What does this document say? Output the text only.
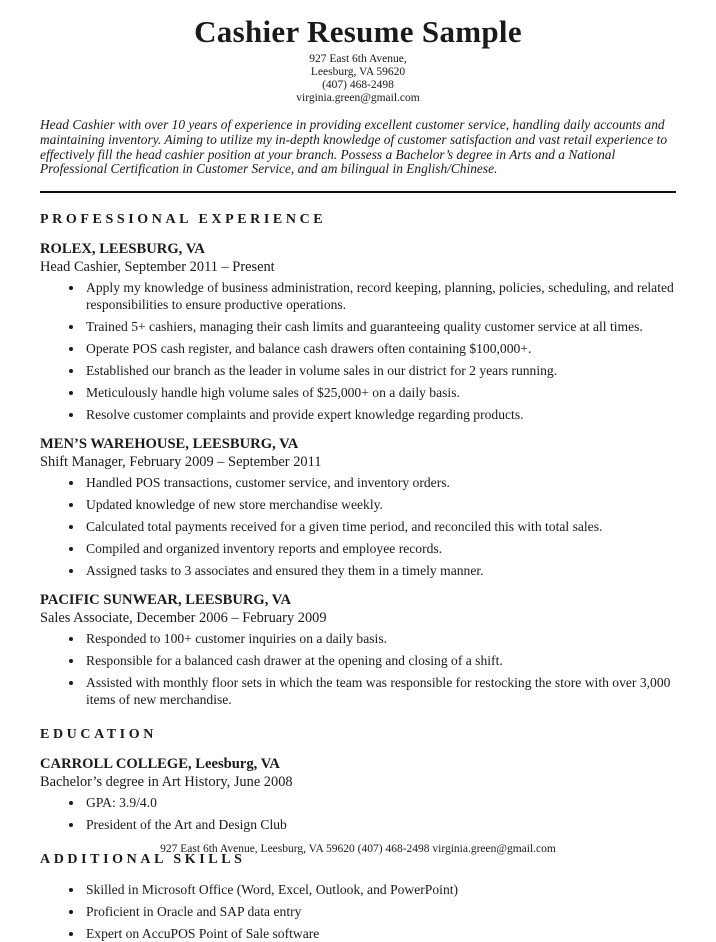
Cashier Resume Sample
927 East 6th Avenue,
Leesburg, VA 59620
(407) 468-2498
virginia.green@gmail.com

Head Cashier with over 10 years of experience in providing excellent customer service, handling daily accounts and maintaining inventory. Aiming to utilize my in-depth knowledge of customer satisfaction and vast retail experience to effectively fill the head cashier position at your branch. Possess a Bachelor’s degree in Arts and a National Professional Certification in Customer Service, and am bilingual in English/Chinese.

PROFESSIONAL EXPERIENCE
ROLEX, LEESBURG, VA
Head Cashier, September 2011 – Present
• Apply my knowledge of business administration, record keeping, planning, policies, scheduling, and related responsibilities to ensure productive operations.
• Trained 5+ cashiers, managing their cash limits and guaranteeing quality customer service at all times.
• Operate POS cash register, and balance cash drawers often containing $100,000+.
• Established our branch as the leader in volume sales in our district for 2 years running.
• Meticulously handle high volume sales of $25,000+ on a daily basis.
• Resolve customer complaints and provide expert knowledge regarding products.
MEN’S WAREHOUSE, LEESBURG, VA
Shift Manager, February 2009 – September 2011
• Handled POS transactions, customer service, and inventory orders.
• Updated knowledge of new store merchandise weekly.
• Calculated total payments received for a given time period, and reconciled this with total sales.
• Compiled and organized inventory reports and employee records.
• Assigned tasks to 3 associates and ensured they them in a timely manner.
PACIFIC SUNWEAR, LEESBURG, VA
Sales Associate, December 2006 – February 2009
• Responded to 100+ customer inquiries on a daily basis.
• Responsible for a balanced cash drawer at the opening and closing of a shift.
• Assisted with monthly floor sets in which the team was responsible for restocking the store with over 3,000 items of new merchandise.
EDUCATION
CARROLL COLLEGE, Leesburg, VA
Bachelor’s degree in Art History, June 2008
• GPA: 3.9/4.0
• President of the Art and Design Club
ADDITIONAL SKILLS
• Skilled in Microsoft Office (Word, Excel, Outlook, and PowerPoint)
• Proficient in Oracle and SAP data entry
• Expert on AccuPOS Point of Sale software
927 East 6th Avenue, Leesburg, VA 59620 (407) 468-2498 virginia.green@gmail.com
